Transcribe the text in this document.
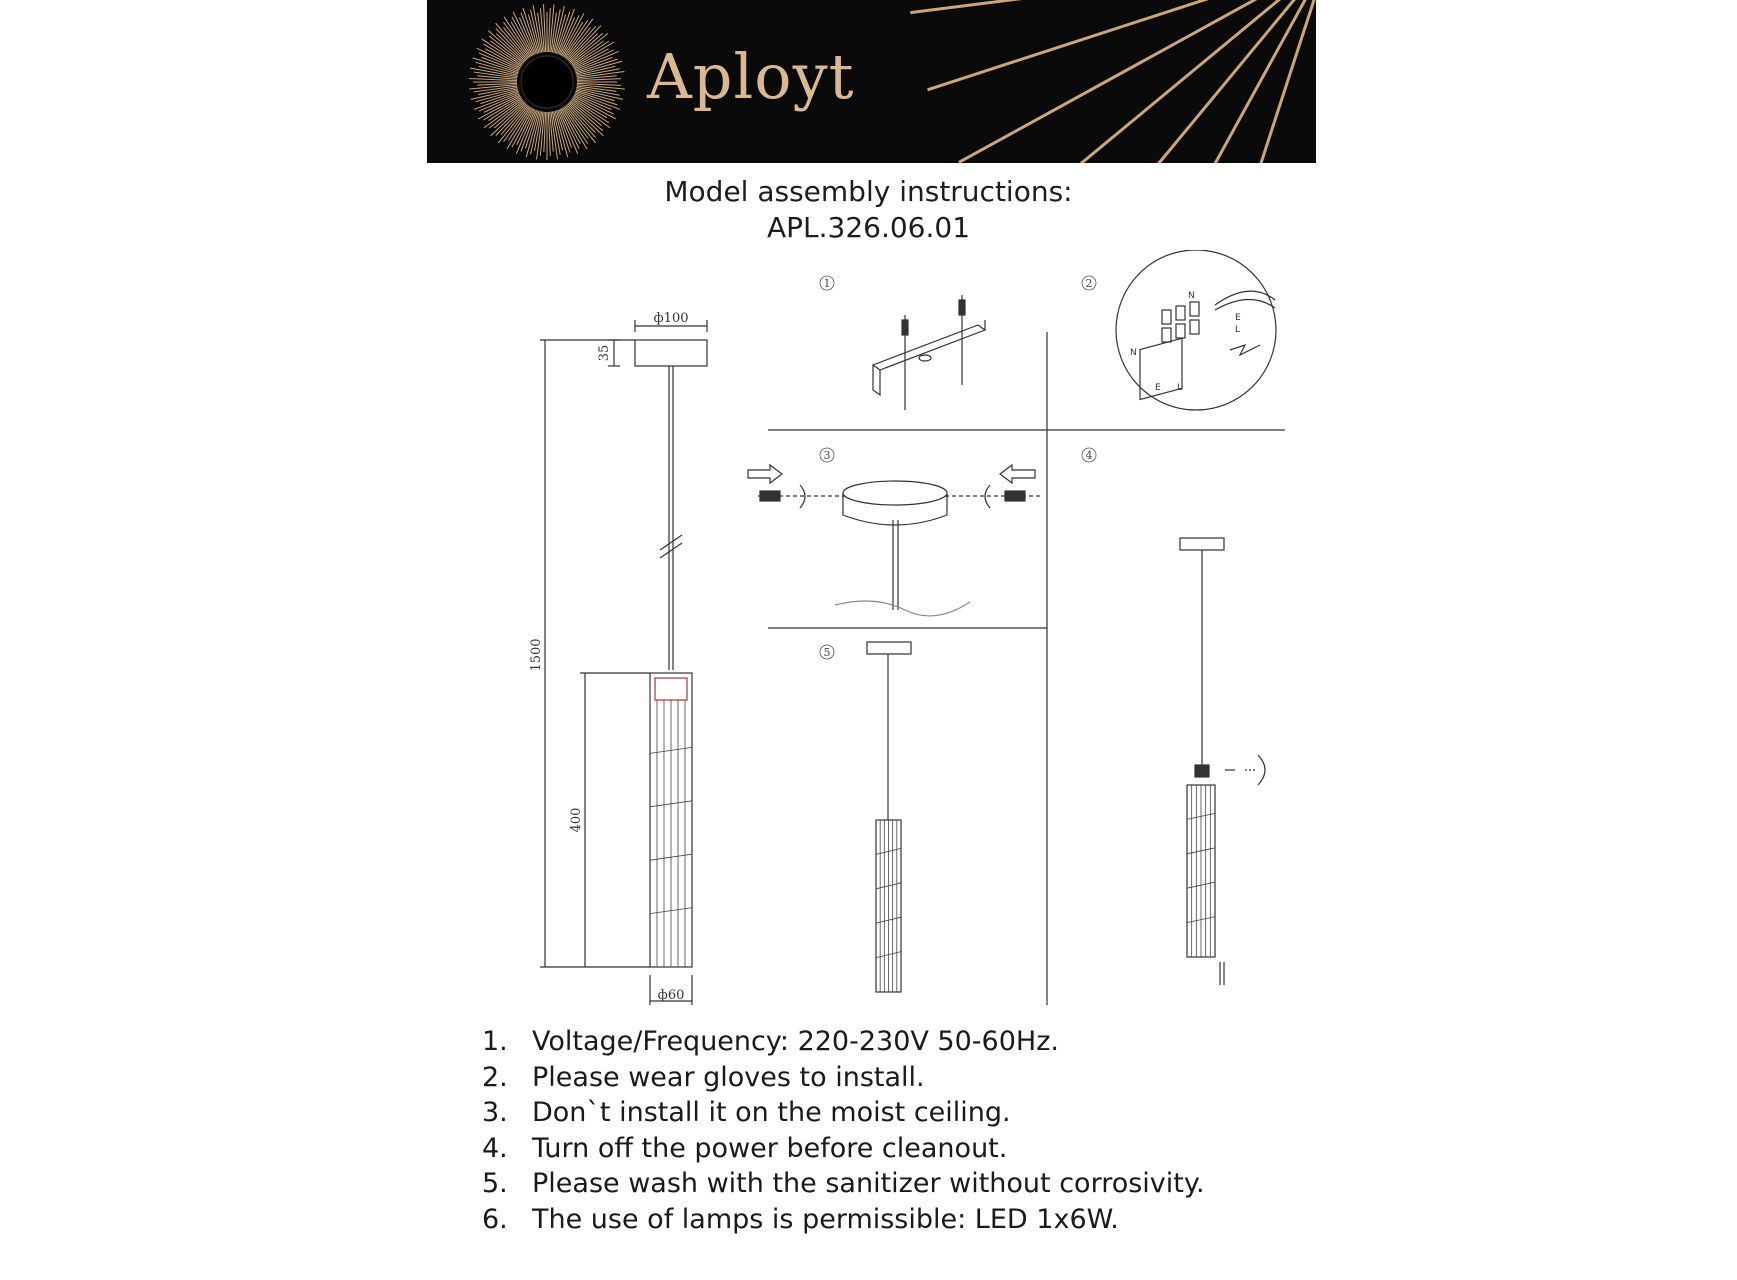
Aployt
Model assembly instructions:
APL.326.06.01
1	2
3	4
5
ф100
35
1500
400
ф60
N
E
L
N
E L
1. Voltage/Frequency: 220-230V 50-60Hz.
2. Please wear gloves to install.
3. Don`t install it on the moist ceiling.
4. Turn off the power before cleanout.
5. Please wash with the sanitizer without corrosivity.
6. The use of lamps is permissible: LED 1x6W.
